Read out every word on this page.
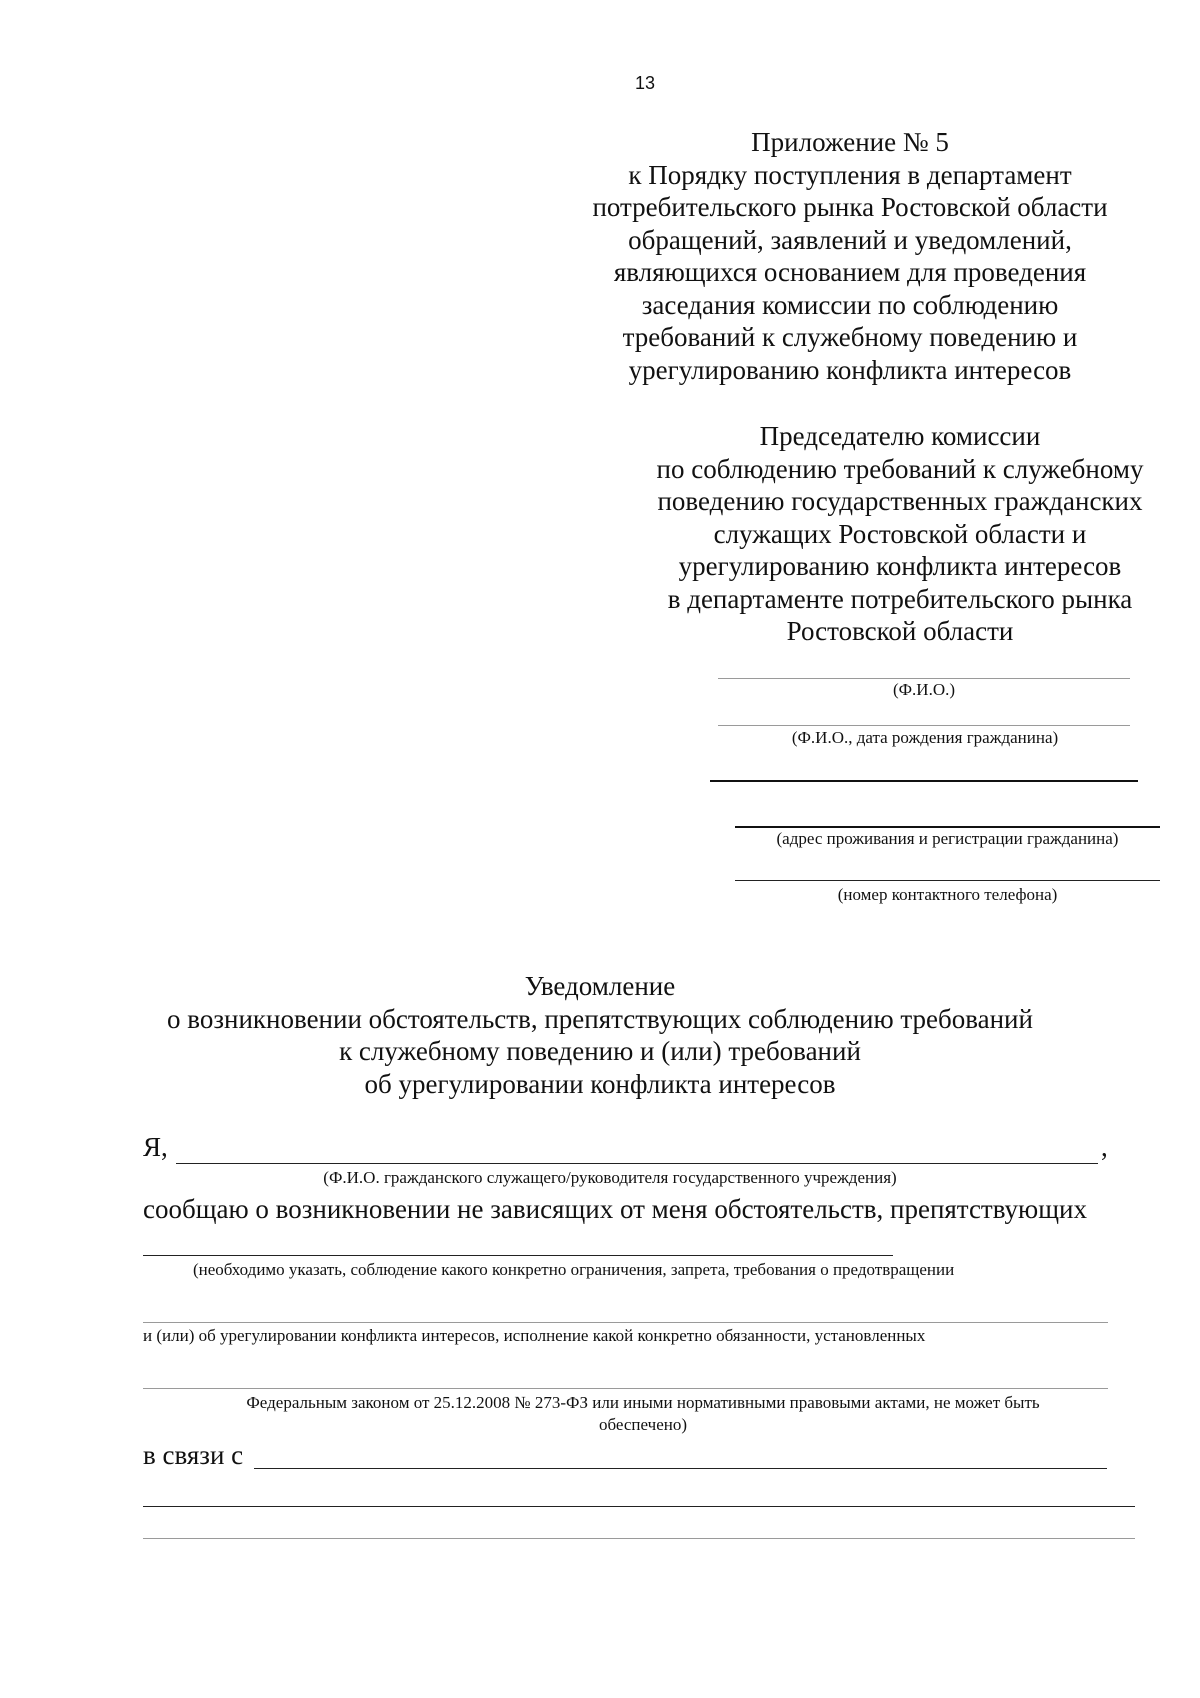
13
Приложение № 5
к Порядку поступления в департамент
потребительского рынка Ростовской области
обращений, заявлений и уведомлений,
являющихся основанием для проведения
заседания комиссии по соблюдению
требований к служебному поведению и
урегулированию конфликта интересов
Председателю комиссии
по соблюдению требований к служебному
поведению государственных гражданских
служащих Ростовской области и
урегулированию конфликта интересов
в департаменте потребительского рынка
Ростовской области
(Ф.И.О.)
(Ф.И.О., дата рождения гражданина)
(адрес проживания и регистрации гражданина)
(номер контактного телефона)
Уведомление
о возникновении обстоятельств, препятствующих соблюдению требований
к служебному поведению и (или) требований
об урегулировании конфликта интересов
Я,	,
(Ф.И.О. гражданского служащего/руководителя государственного учреждения)
сообщаю о возникновении не зависящих от меня обстоятельств, препятствующих
(необходимо указать, соблюдение какого конкретно ограничения, запрета, требования о предотвращении
и (или) об урегулировании конфликта интересов, исполнение какой конкретно обязанности, установленных
Федеральным законом от 25.12.2008 № 273-ФЗ или иными нормативными правовыми актами, не может быть
обеспечено)
в связи с
